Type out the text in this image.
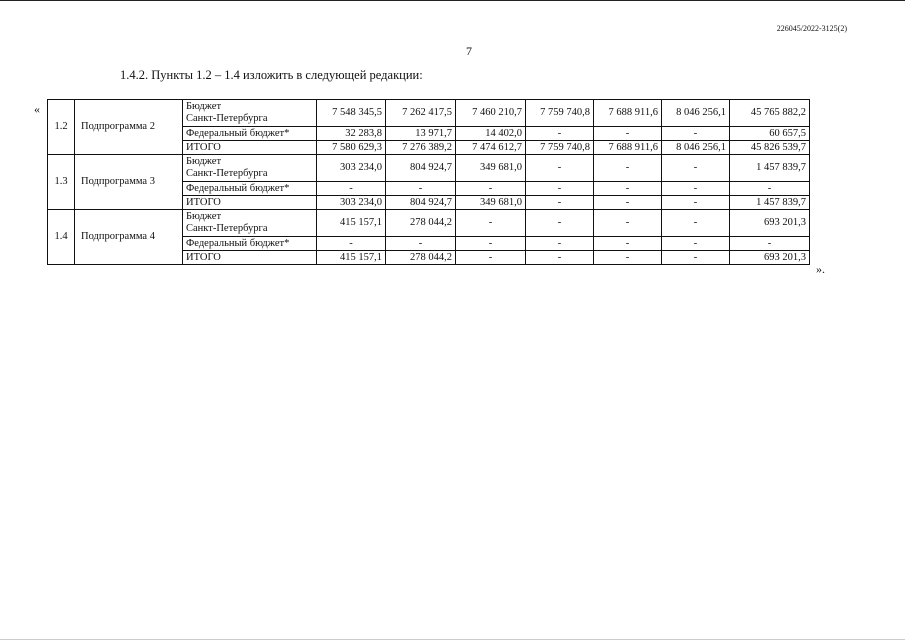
226045/2022-3125(2)
7
1.4.2. Пункты 1.2 – 1.4 изложить в следующей редакции:
«
».
1.2	Подпрограмма 2	Бюджет
Санкт-Петербурга	7 548 345,5	7 262 417,5	7 460 210,7	7 759 740,8	7 688 911,6	8 046 256,1	45 765 882,2
		Федеральный бюджет*	32 283,8	13 971,7	14 402,0	-	-	-	60 657,5
		ИТОГО	7 580 629,3	7 276 389,2	7 474 612,7	7 759 740,8	7 688 911,6	8 046 256,1	45 826 539,7
1.3	Подпрограмма 3	Бюджет
Санкт-Петербурга	303 234,0	804 924,7	349 681,0	-	-	-	1 457 839,7
		Федеральный бюджет*	-	-	-	-	-	-	-
		ИТОГО	303 234,0	804 924,7	349 681,0	-	-	-	1 457 839,7
1.4	Подпрограмма 4	Бюджет
Санкт-Петербурга	415 157,1	278 044,2	-	-	-	-	693 201,3
		Федеральный бюджет*	-	-	-	-	-	-	-
		ИТОГО	415 157,1	278 044,2	-	-	-	-	693 201,3
